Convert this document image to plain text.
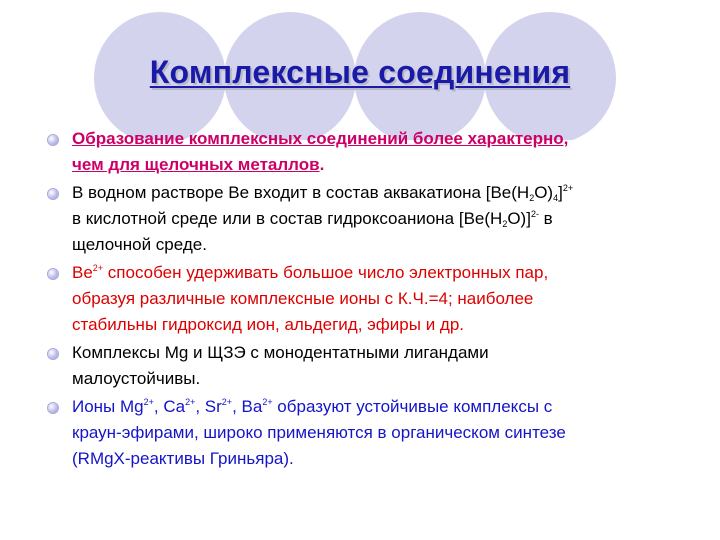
Комплексные соединения
Образование комплексных соединений более характерно,
чем для щелочных металлов.
В водном растворе Be входит в состав аквакатиона $[Be(H_2O)_4]^{2+}$
в кислотной среде или в состав гидроксоаниона $[Be(H_2O)]^{2-}$ в
щелочной среде.
$Be^{2+}$ способен удерживать большое число электронных пар,
образуя различные комплексные ионы с К.Ч.=4; наиболее
стабильны гидроксид ион, альдегид, эфиры и др.
Комплексы Mg и ЩЗЭ с монодентатными лигандами
малоустойчивы.
Ионы $Mg^{2+}$, $Ca^{2+}$, $Sr^{2+}$, $Ba^{2+}$ образуют устойчивые комплексы с
краун-эфирами, широко применяются в органическом синтезе
(RMgX-реактивы Гриньяра).
